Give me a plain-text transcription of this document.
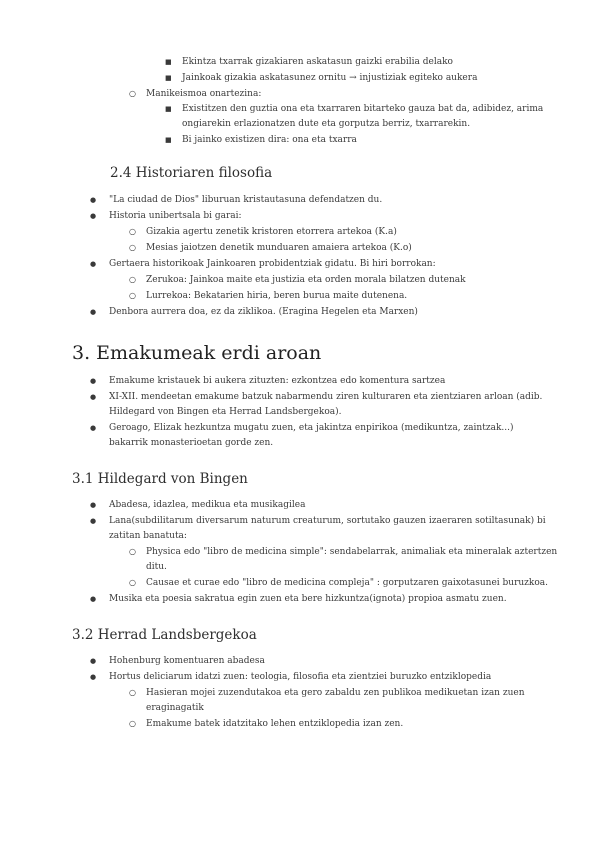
■ Ekintza txarrak gizakiaren askatasun gaizki erabilia delako
■ Jainkoak gizakia askatasunez ornitu → injustiziak egiteko aukera
○ Manikeismoa onartezina:
■ Existitzen den guztia ona eta txarraren bitarteko gauza bat da, adibidez, arima
ongiarekin erlazionatzen dute eta gorputza berriz, txarrarekin.
■ Bi jainko existizen dira: ona eta txarra
2.4 Historiaren filosofia
● "La ciudad de Dios" liburuan kristautasuna defendatzen du.
● Historia unibertsala bi garai:
○ Gizakia agertu zenetik kristoren etorrera artekoa (K.a)
○ Mesias jaiotzen denetik munduaren amaiera artekoa (K.o)
● Gertaera historikoak Jainkoaren probidentziak gidatu. Bi hiri borrokan:
○ Zerukoa: Jainkoa maite eta justizia eta orden morala bilatzen dutenak
○ Lurrekoa: Bekatarien hiria, beren burua maite dutenena.
● Denbora aurrera doa, ez da ziklikoa. (Eragina Hegelen eta Marxen)
3. Emakumeak erdi aroan
● Emakume kristauek bi aukera zituzten: ezkontzea edo komentura sartzea
● XI-XII. mendeetan emakume batzuk nabarmendu ziren kulturaren eta zientziaren arloan (adib.
Hildegard von Bingen eta Herrad Landsbergekoa).
● Geroago, Elizak hezkuntza mugatu zuen, eta jakintza enpirikoa (medikuntza, zaintzak...)
bakarrik monasterioetan gorde zen.
3.1 Hildegard von Bingen
● Abadesa, idazlea, medikua eta musikagilea
● Lana(subdilitarum diversarum naturum creaturum, sortutako gauzen izaeraren sotiltasunak) bi
zatitan banatuta:
○ Physica edo "libro de medicina simple": sendabelarrak, animaliak eta mineralak aztertzen
ditu.
○ Causae et curae edo "libro de medicina compleja" : gorputzaren gaixotasunei buruzkoa.
● Musika eta poesia sakratua egin zuen eta bere hizkuntza(ignota) propioa asmatu zuen.
3.2 Herrad Landsbergekoa
● Hohenburg komentuaren abadesa
● Hortus deliciarum idatzi zuen: teologia, filosofia eta zientziei buruzko entziklopedia
○ Hasieran mojei zuzendutakoa eta gero zabaldu zen publikoa medikuetan izan zuen
eraginagatik
○ Emakume batek idatzitako lehen entziklopedia izan zen.
